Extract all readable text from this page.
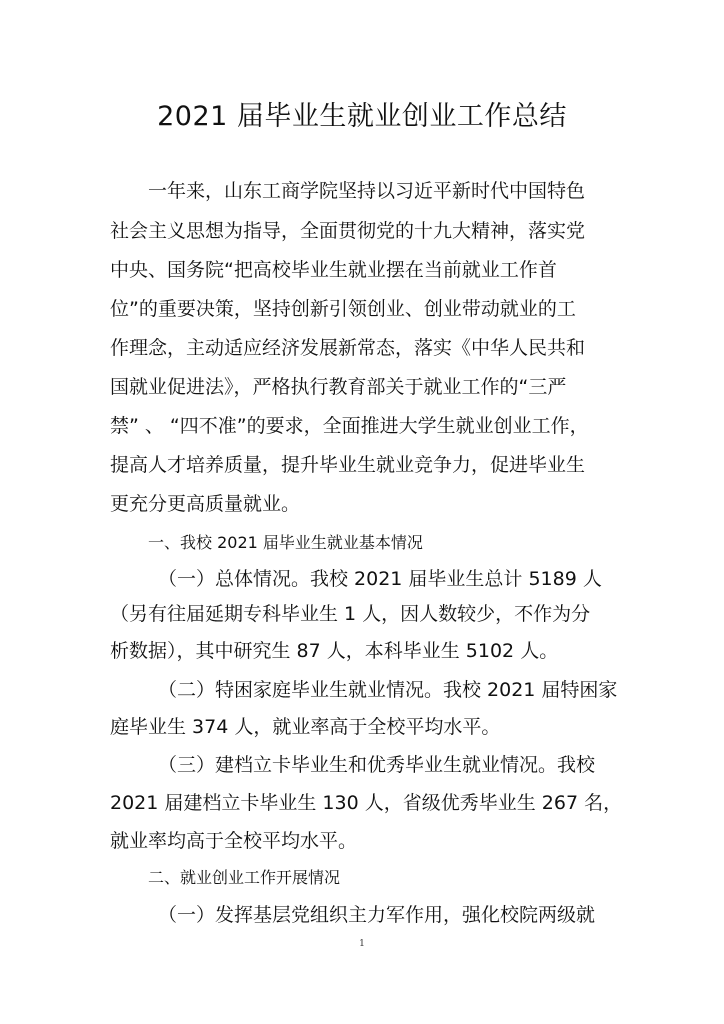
2021 届毕业生就业创业工作总结
一年来，山东工商学院坚持以习近平新时代中国特色
社会主义思想为指导，全面贯彻党的十九大精神，落实党
中央、国务院“把高校毕业生就业摆在当前就业工作首
位”的重要决策，坚持创新引领创业、创业带动就业的工
作理念，主动适应经济发展新常态，落实《中华人民共和
国就业促进法》，严格执行教育部关于就业工作的“三严
禁” 、 “四不准”的要求，全面推进大学生就业创业工作，
提高人才培养质量，提升毕业生就业竞争力，促进毕业生
更充分更高质量就业。
一、我校 2021 届毕业生就业基本情况
（一）总体情况。我校 2021 届毕业生总计 5189 人
（另有往届延期专科毕业生 1 人，因人数较少，不作为分
析数据），其中研究生 87 人，本科毕业生 5102 人。
（二）特困家庭毕业生就业情况。我校 2021 届特困家
庭毕业生 374 人，就业率高于全校平均水平。
（三）建档立卡毕业生和优秀毕业生就业情况。我校
2021 届建档立卡毕业生 130 人，省级优秀毕业生 267 名，
就业率均高于全校平均水平。
二、就业创业工作开展情况
（一）发挥基层党组织主力军作用，强化校院两级就
1
